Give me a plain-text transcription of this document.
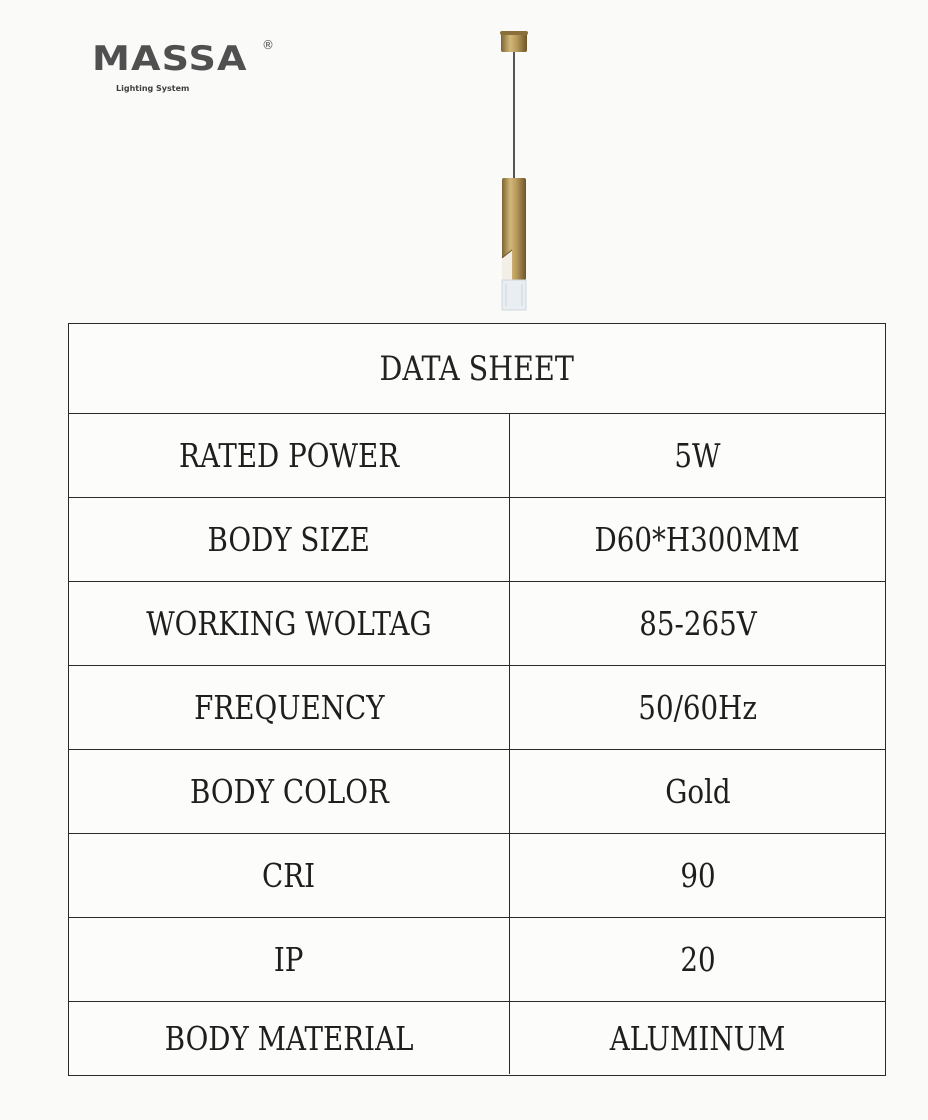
MASSA ®
Lighting System
DATA SHEET
RATED POWER	5W
BODY SIZE	D60*H300MM
WORKING WOLTAG	85-265V
FREQUENCY	50/60Hz
BODY COLOR	Gold
CRI	90
IP	20
BODY MATERIAL	ALUMINUM
